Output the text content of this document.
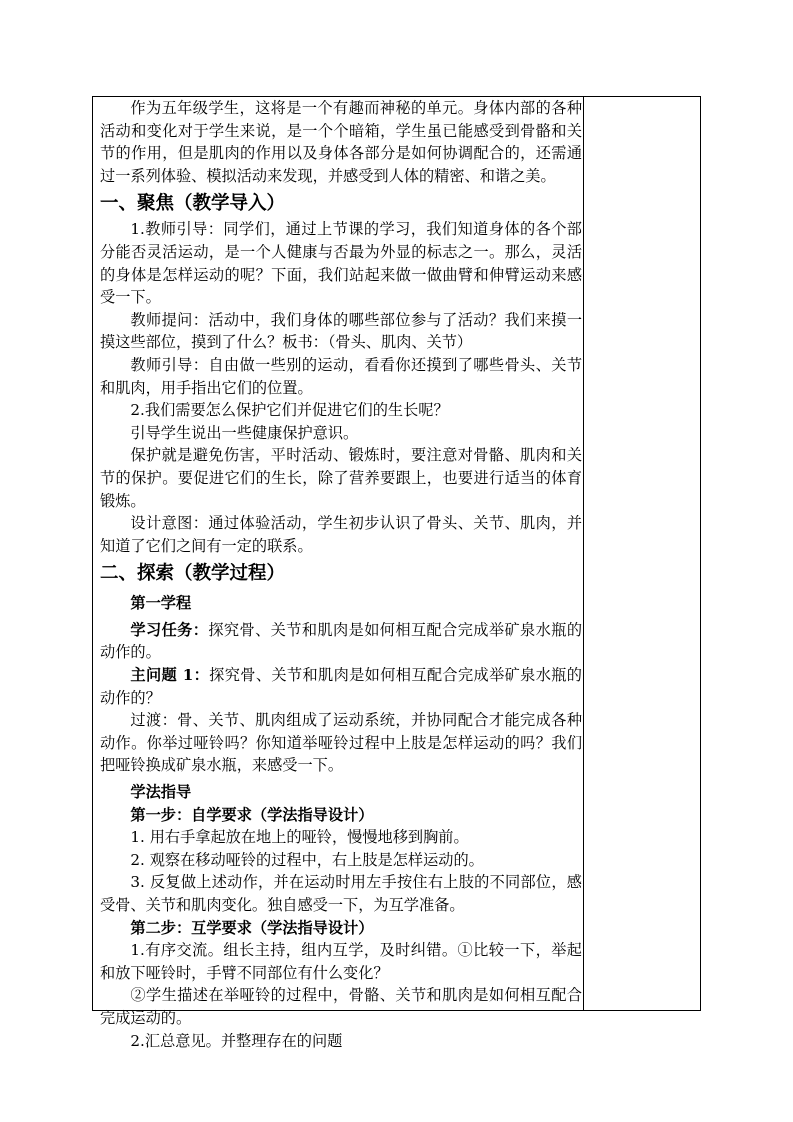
作为五年级学生，这将是一个有趣而神秘的单元。身体内部的各种活动和变化对于学生来说，是一个个暗箱，学生虽已能感受到骨骼和关节的作用，但是肌肉的作用以及身体各部分是如何协调配合的，还需通过一系列体验、模拟活动来发现，并感受到人体的精密、和谐之美。

一、聚焦（教学导入）

1.教师引导：同学们，通过上节课的学习，我们知道身体的各个部分能否灵活运动，是一个人健康与否最为外显的标志之一。那么，灵活的身体是怎样运动的呢？下面，我们站起来做一做曲臂和伸臂运动来感受一下。

教师提问：活动中，我们身体的哪些部位参与了活动？我们来摸一摸这些部位，摸到了什么？板书：（骨头、肌肉、关节）

教师引导：自由做一些别的运动，看看你还摸到了哪些骨头、关节和肌肉，用手指出它们的位置。

2.我们需要怎么保护它们并促进它们的生长呢？

引导学生说出一些健康保护意识。

保护就是避免伤害，平时活动、锻炼时，要注意对骨骼、肌肉和关节的保护。要促进它们的生长，除了营养要跟上，也要进行适当的体育锻炼。

设计意图：通过体验活动，学生初步认识了骨头、关节、肌肉，并知道了它们之间有一定的联系。

二、探索（教学过程）

第一学程

学习任务：探究骨、关节和肌肉是如何相互配合完成举矿泉水瓶的动作的。

主问题 1：探究骨、关节和肌肉是如何相互配合完成举矿泉水瓶的动作的？

过渡：骨、关节、肌肉组成了运动系统，并协同配合才能完成各种动作。你举过哑铃吗？你知道举哑铃过程中上肢是怎样运动的吗？我们把哑铃换成矿泉水瓶，来感受一下。

学法指导

第一步：自学要求（学法指导设计）

1. 用右手拿起放在地上的哑铃，慢慢地移到胸前。

2. 观察在移动哑铃的过程中，右上肢是怎样运动的。

3. 反复做上述动作，并在运动时用左手按住右上肢的不同部位，感受骨、关节和肌肉变化。独自感受一下，为互学准备。

第二步：互学要求（学法指导设计）

1.有序交流。组长主持，组内互学，及时纠错。①比较一下，举起和放下哑铃时，手臂不同部位有什么变化？

②学生描述在举哑铃的过程中，骨骼、关节和肌肉是如何相互配合完成运动的。

2.汇总意见。并整理存在的问题
